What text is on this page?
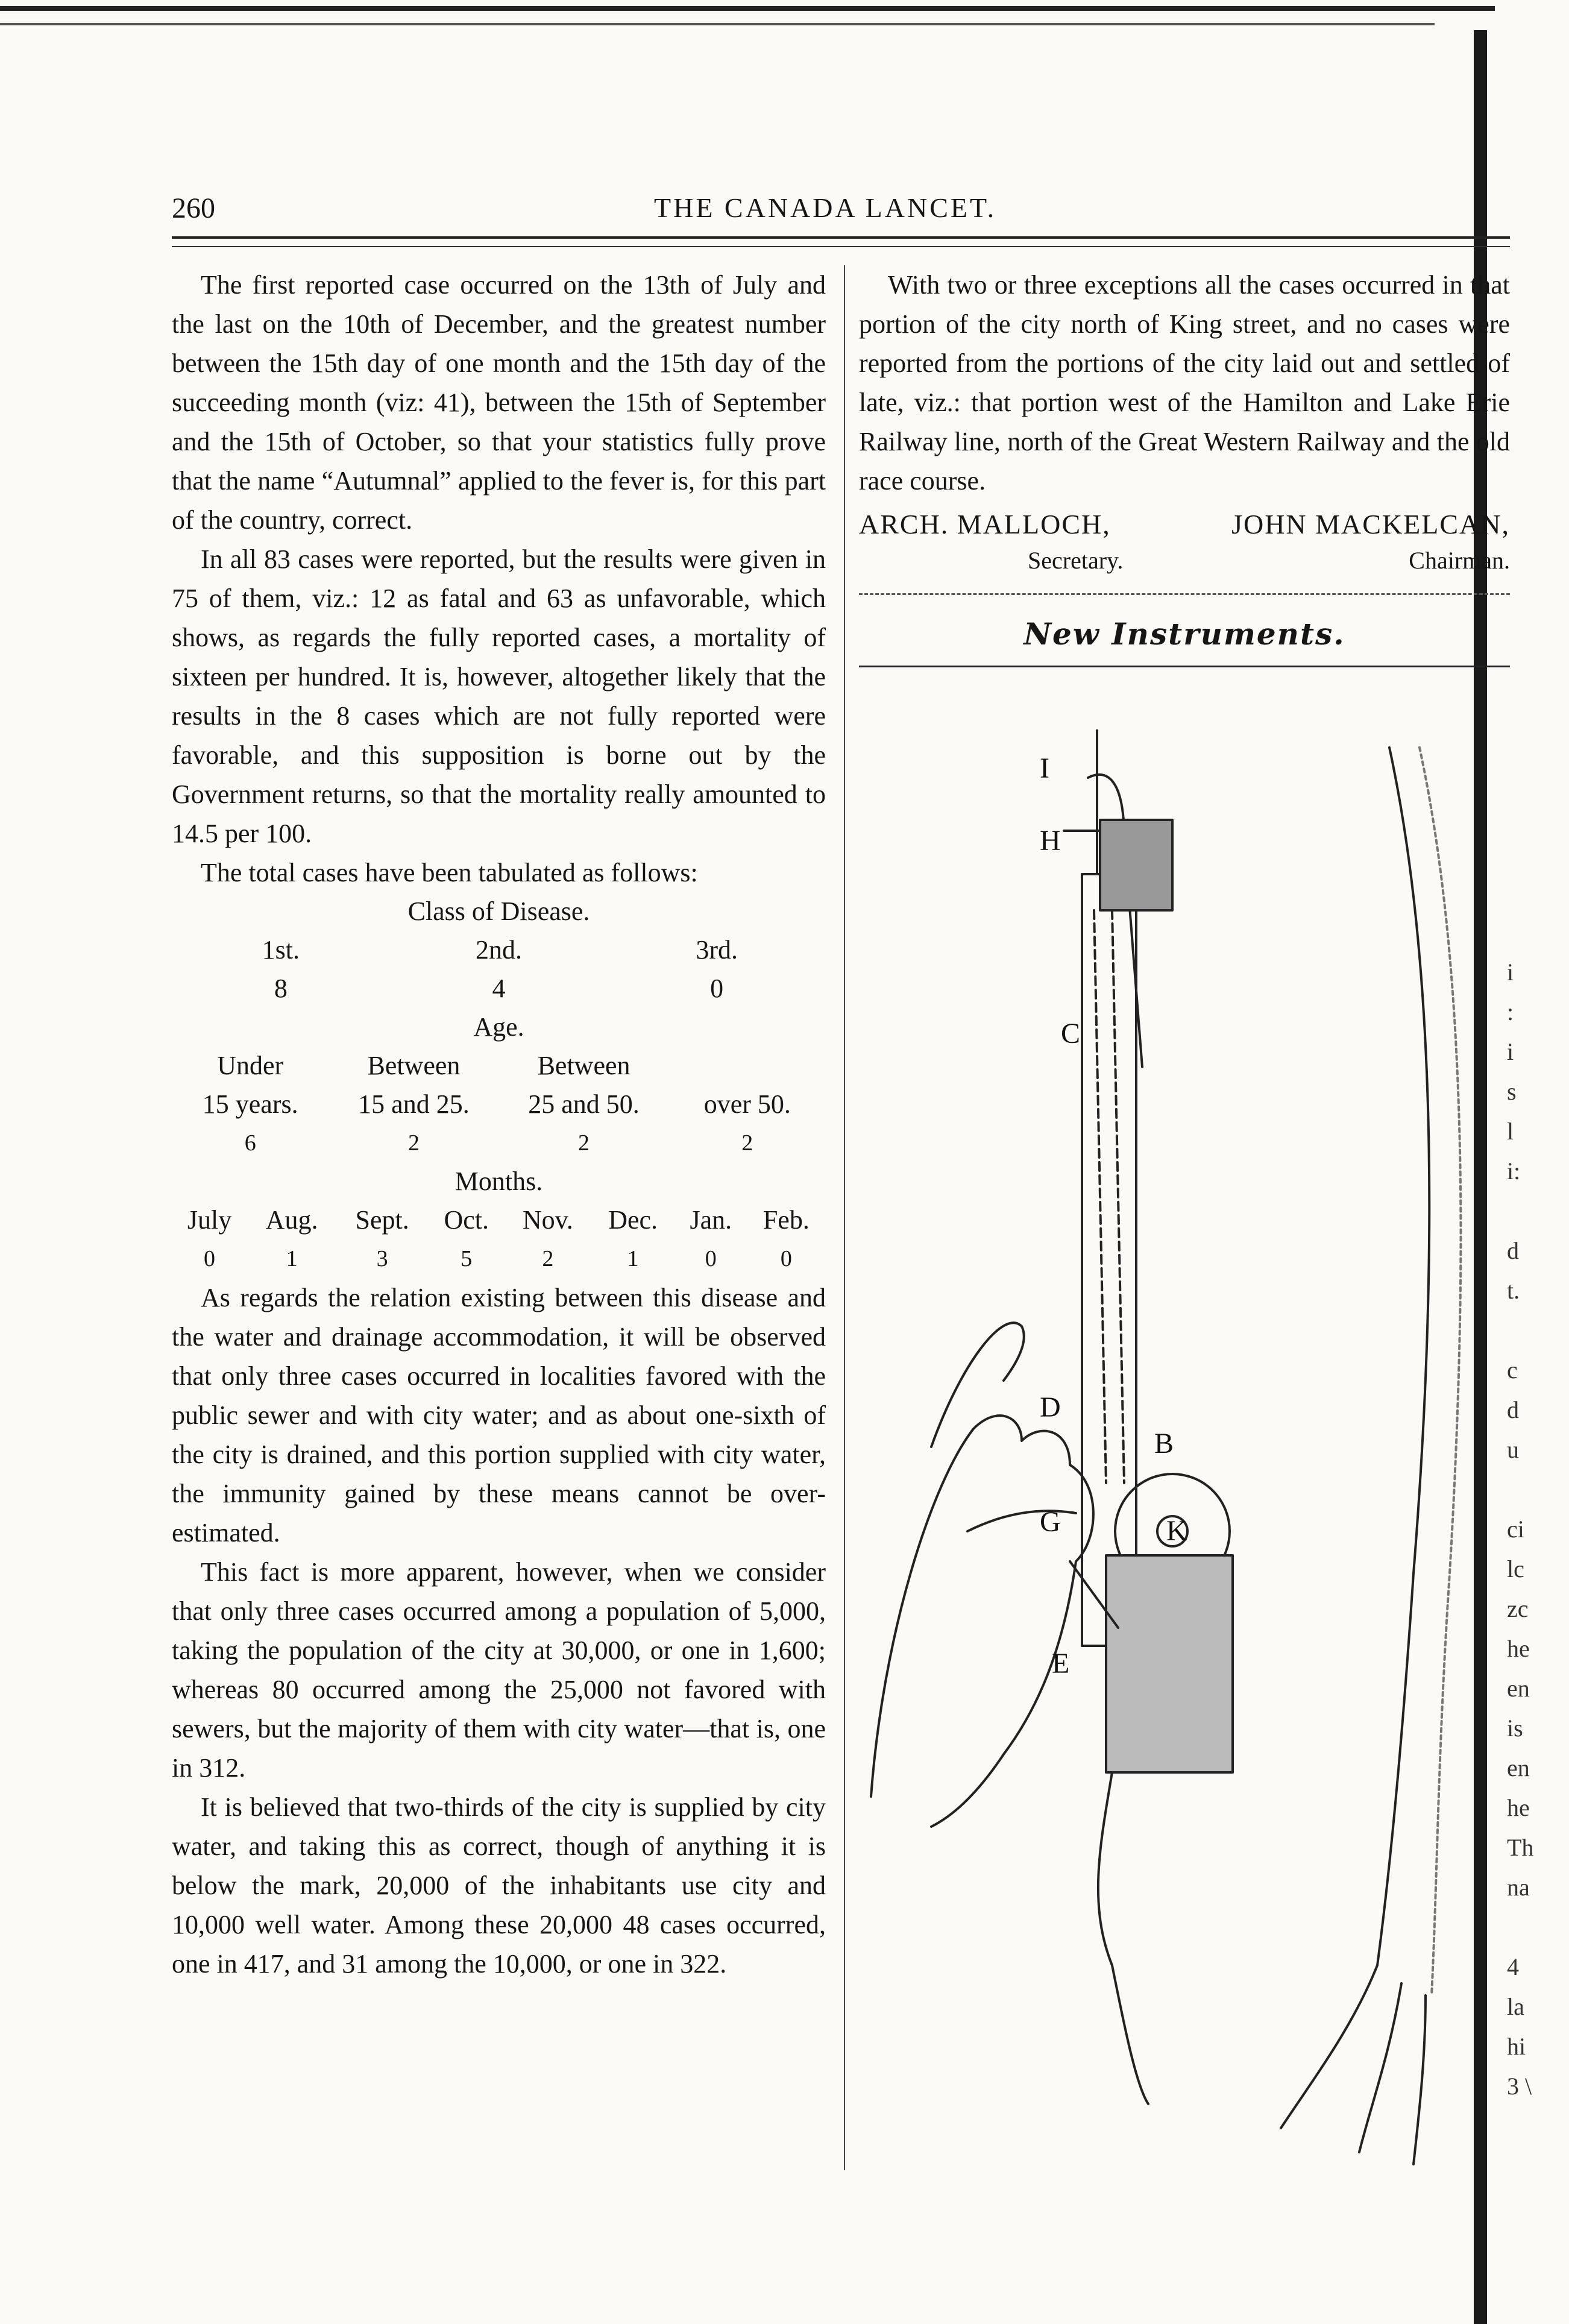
i
:
i
s
l
i:

d
t.

c
d
u

ci
lc
zc
he
en
is
en
he
Th
na

4
la
hi
3 \
260	THE CANADA LANCET.

The first reported case occurred on the 13th of July and the last on the 10th of December, and the greatest number between the 15th day of one month and the 15th day of the succeeding month (viz: 41), between the 15th of September and the 15th of October, so that your statistics fully prove that the name “Autumnal” applied to the fever is, for this part of the country, correct.

In all 83 cases were reported, but the results were given in 75 of them, viz.: 12 as fatal and 63 as unfavorable, which shows, as regards the fully reported cases, a mortality of sixteen per hundred. It is, however, altogether likely that the results in the 8 cases which are not fully reported were favorable, and this supposition is borne out by the Government returns, so that the mortality really amounted to 14.5 per 100.

The total cases have been tabulated as follows:

Class of Disease.		
1st.	2nd.	3rd.
8	4	0
Age.			
Under	Between	Between	
15 years.	15 and 25.	25 and 50.	over 50.
6	2	2	2
Months.							
July	Aug.	Sept.	Oct.	Nov.	Dec.	Jan.	Feb.
0	1	3	5	2	1	0	0

As regards the relation existing between this disease and the water and drainage accommodation, it will be observed that only three cases occurred in localities favored with the public sewer and with city water; and as about one-sixth of the city is drained, and this portion supplied with city water, the immunity gained by these means cannot be over-estimated.

This fact is more apparent, however, when we consider that only three cases occurred among a population of 5,000, taking the population of the city at 30,000, or one in 1,600; whereas 80 occurred among the 25,000 not favored with sewers, but the majority of them with city water—that is, one in 312.

It is believed that two-thirds of the city is supplied by city water, and taking this as correct, though of anything it is below the mark, 20,000 of the inhabitants use city and 10,000 well water. Among these 20,000 48 cases occurred, one in 417, and 31 among the 10,000, or one in 322.

With two or three exceptions all the cases occurred in that portion of the city north of King street, and no cases were reported from the portions of the city laid out and settled of late, viz.: that portion west of the Hamilton and Lake Erie Railway line, north of the Great Western Railway and the old race course.

ARCH. MALLOCH,	JOHN MACKELCAN,
Secretary.	Chairman.
New Instruments.
I
H
C
D
B
G	K
E
